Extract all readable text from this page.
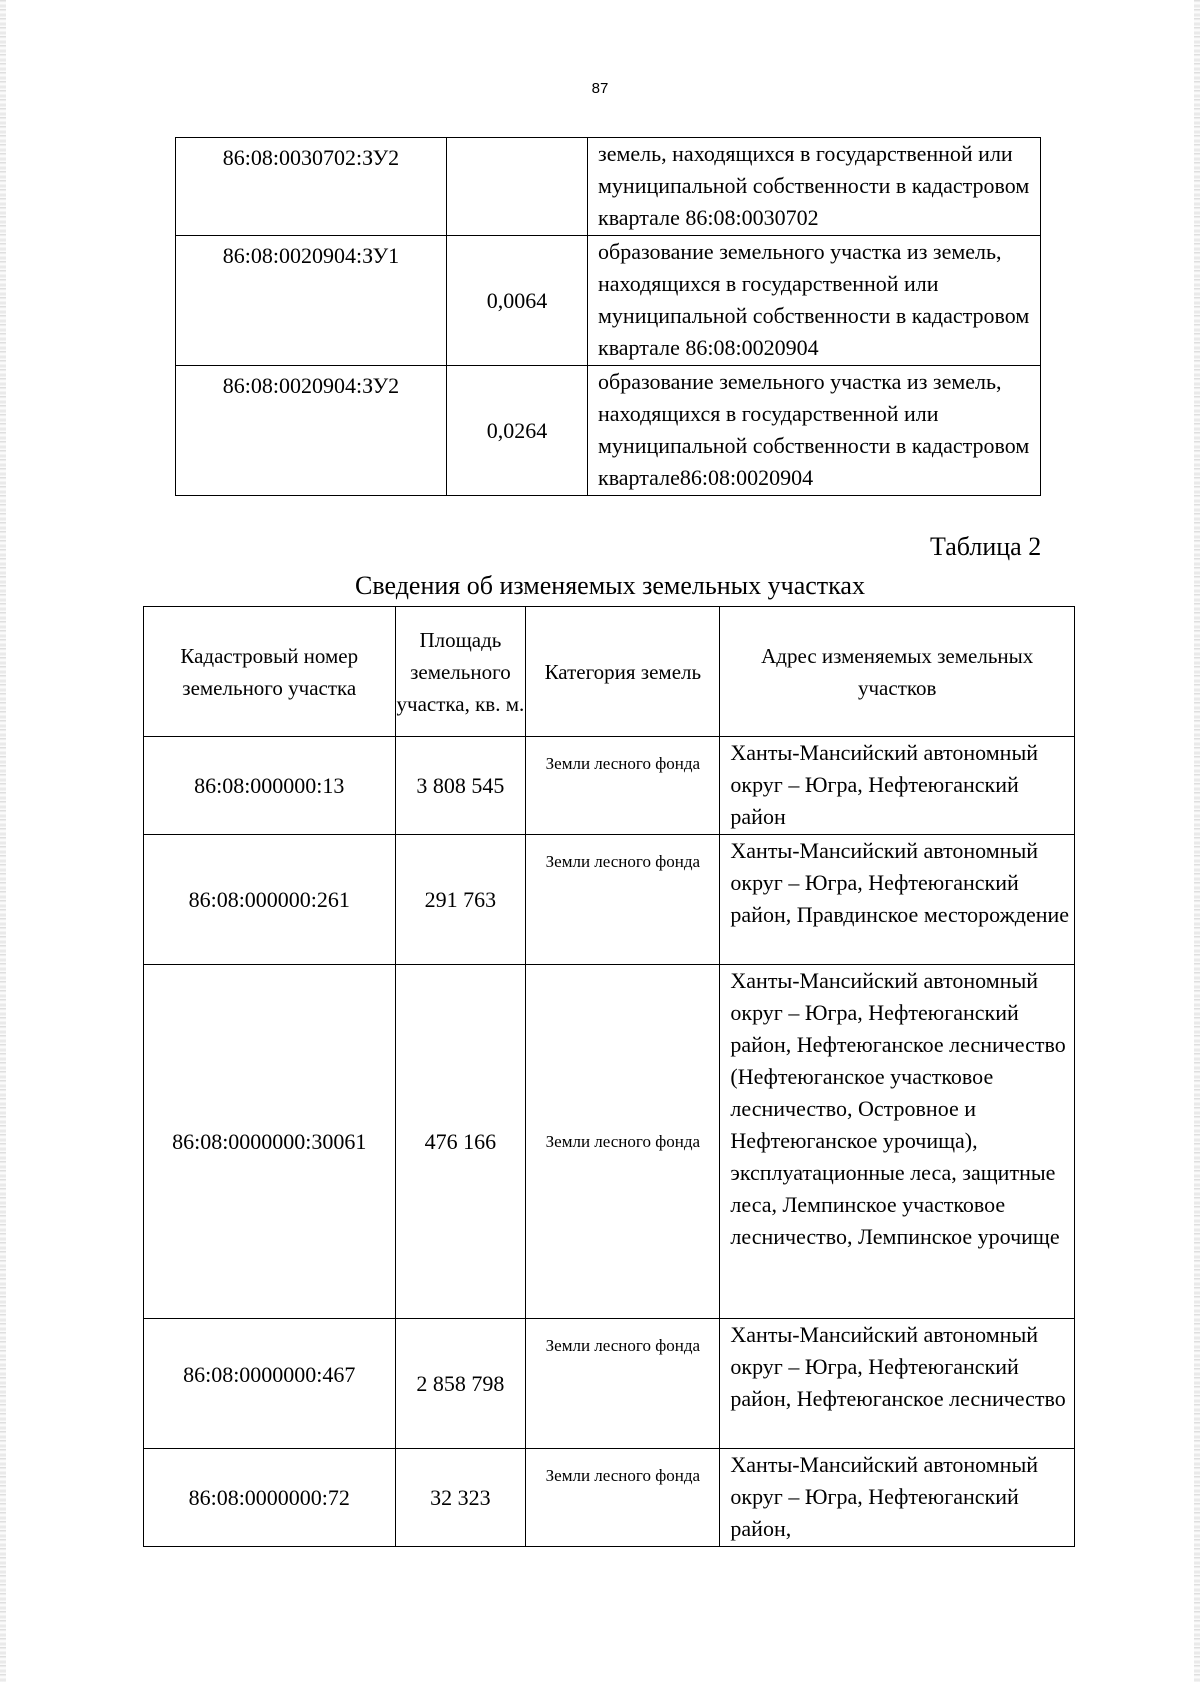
87
86:08:0030702:ЗУ2		земель, находящихся в государственной или муниципальной собственности в кадастровом квартале 86:08:0030702
86:08:0020904:ЗУ1	0,0064	образование земельного участка из земель, находящихся в государственной или муниципальной собственности в кадастровом квартале 86:08:0020904
86:08:0020904:ЗУ2	0,0264	образование земельного участка из земель, находящихся в государственной или муниципальной собственности в кадастровом квартале86:08:0020904
Таблица 2
Сведения об изменяемых земельных участках
Кадастровый номер земельного участка	Площадь земельного участка, кв. м.	Категория земель	Адрес изменяемых земельных участков
86:08:000000:13	3 808 545	Земли лесного фонда	Ханты-Мансийский автономный округ – Югра, Нефтеюганский район
86:08:000000:261	291 763	Земли лесного фонда	Ханты-Мансийский автономный округ – Югра, Нефтеюганский район, Правдинское месторождение
86:08:0000000:30061	476 166	Земли лесного фонда	Ханты-Мансийский автономный округ – Югра, Нефтеюганский район, Нефтеюганское лесничество (Нефтеюганское участковое лесничество, Островное и Нефтеюганское урочища), эксплуатационные леса, защитные леса, Лемпинское участковое лесничество, Лемпинское урочище
86:08:0000000:467	2 858 798	Земли лесного фонда	Ханты-Мансийский автономный округ – Югра, Нефтеюганский район, Нефтеюганское лесничество
86:08:0000000:72	32 323	Земли лесного фонда	Ханты-Мансийский автономный округ – Югра, Нефтеюганский район,
